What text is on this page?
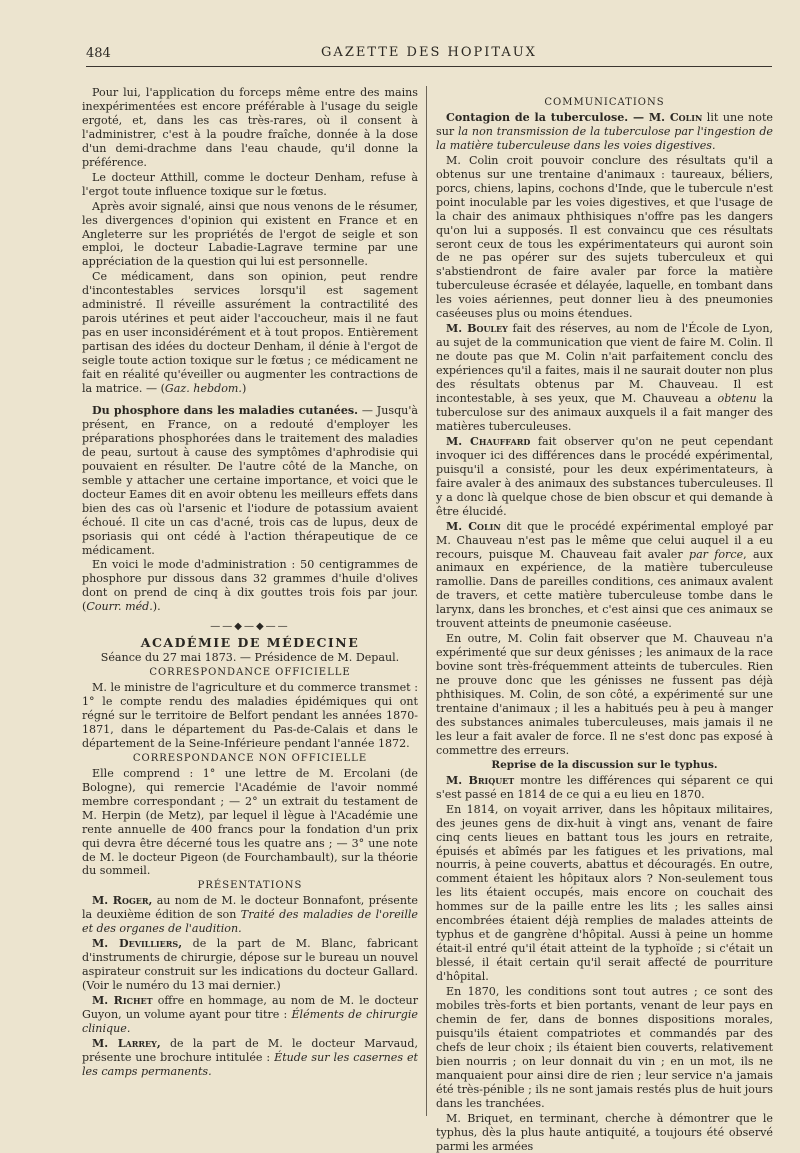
484	GAZETTE DES HOPITAUX

Pour lui, l'application du forceps même entre des mains inexpérimentées est encore préférable à l'usage du seigle ergoté, et, dans les cas très-rares, où il consent à l'administrer, c'est à la poudre fraîche, donnée à la dose d'un demi-drachme dans l'eau chaude, qu'il donne la préférence.

Le docteur Atthill, comme le docteur Denham, refuse à l'ergot toute influence toxique sur le fœtus.

Après avoir signalé, ainsi que nous venons de le résumer, les divergences d'opinion qui existent en France et en Angleterre sur les propriétés de l'ergot de seigle et son emploi, le docteur Labadie-Lagrave termine par une appréciation de la question qui lui est personnelle.

Ce médicament, dans son opinion, peut rendre d'incontestables services lorsqu'il est sagement administré. Il réveille assurément la contractilité des parois utérines et peut aider l'accoucheur, mais il ne faut pas en user inconsidérément et à tout propos. Entièrement partisan des idées du docteur Denham, il dénie à l'ergot de seigle toute action toxique sur le fœtus ; ce médicament ne fait en réalité qu'éveiller ou augmenter les contractions de la matrice. — (Gaz. hebdom.)

Du phosphore dans les maladies cutanées. — Jusqu'à présent, en France, on a redouté d'employer les préparations phosphorées dans le traitement des maladies de peau, surtout à cause des symptômes d'aphrodisie qui pouvaient en résulter. De l'autre côté de la Manche, on semble y attacher une certaine importance, et voici que le docteur Eames dit en avoir obtenu les meilleurs effets dans bien des cas où l'arsenic et l'iodure de potassium avaient échoué. Il cite un cas d'acné, trois cas de lupus, deux de psoriasis qui ont cédé à l'action thérapeutique de ce médicament.

En voici le mode d'administration : 50 centigrammes de phosphore pur dissous dans 32 grammes d'huile d'olives dont on prend de cinq à dix gouttes trois fois par jour. (Courr. méd.).

——◆—◆——

ACADÉMIE DE MÉDECINE

Séance du 27 mai 1873. — Présidence de M. Depaul.

CORRESPONDANCE OFFICIELLE

M. le ministre de l'agriculture et du commerce transmet : 1° le compte rendu des maladies épidémiques qui ont régné sur le territoire de Belfort pendant les années 1870-1871, dans le département du Pas-de-Calais et dans le département de la Seine-Inférieure pendant l'année 1872.

CORRESPONDANCE NON OFFICIELLE

Elle comprend : 1° une lettre de M. Ercolani (de Bologne), qui remercie l'Académie de l'avoir nommé membre correspondant ; — 2° un extrait du testament de M. Herpin (de Metz), par lequel il lègue à l'Académie une rente annuelle de 400 francs pour la fondation d'un prix qui devra être décerné tous les quatre ans ; — 3° une note de M. le docteur Pigeon (de Fourchambault), sur la théorie du sommeil.

PRÉSENTATIONS

M. Roger, au nom de M. le docteur Bonnafont, présente la deuxième édition de son Traité des maladies de l'oreille et des organes de l'audition.

M. Devilliers, de la part de M. Blanc, fabricant d'instruments de chirurgie, dépose sur le bureau un nouvel aspirateur construit sur les indications du docteur Gallard. (Voir le numéro du 13 mai dernier.)

M. Richet offre en hommage, au nom de M. le docteur Guyon, un volume ayant pour titre : Éléments de chirurgie clinique.

M. Larrey, de la part de M. le docteur Marvaud, présente une brochure intitulée : Étude sur les casernes et les camps permanents.

COMMUNICATIONS

Contagion de la tuberculose. — M. Colin lit une note sur la non transmission de la tuberculose par l'ingestion de la matière tuberculeuse dans les voies digestives.

M. Colin croit pouvoir conclure des résultats qu'il a obtenus sur une trentaine d'animaux : taureaux, béliers, porcs, chiens, lapins, cochons d'Inde, que le tubercule n'est point inoculable par les voies digestives, et que l'usage de la chair des animaux phthisiques n'offre pas les dangers qu'on lui a supposés. Il est convaincu que ces résultats seront ceux de tous les expérimentateurs qui auront soin de ne pas opérer sur des sujets tuberculeux et qui s'abstiendront de faire avaler par force la matière tuberculeuse écrasée et délayée, laquelle, en tombant dans les voies aériennes, peut donner lieu à des pneumonies caséeuses plus ou moins étendues.

M. Bouley fait des réserves, au nom de l'École de Lyon, au sujet de la communication que vient de faire M. Colin. Il ne doute pas que M. Colin n'ait parfaitement conclu des expériences qu'il a faites, mais il ne saurait douter non plus des résultats obtenus par M. Chauveau. Il est incontestable, à ses yeux, que M. Chauveau a obtenu la tuberculose sur des animaux auxquels il a fait manger des matières tuberculeuses.

M. Chauffard fait observer qu'on ne peut cependant invoquer ici des différences dans le procédé expérimental, puisqu'il a consisté, pour les deux expérimentateurs, à faire avaler à des animaux des substances tuberculeuses. Il y a donc là quelque chose de bien obscur et qui demande à être élucidé.

M. Colin dit que le procédé expérimental employé par M. Chauveau n'est pas le même que celui auquel il a eu recours, puisque M. Chauveau fait avaler par force, aux animaux en expérience, de la matière tuberculeuse ramollie. Dans de pareilles conditions, ces animaux avalent de travers, et cette matière tuberculeuse tombe dans le larynx, dans les bronches, et c'est ainsi que ces animaux se trouvent atteints de pneumonie caséeuse.

En outre, M. Colin fait observer que M. Chauveau n'a expérimenté que sur deux génisses ; les animaux de la race bovine sont très-fréquemment atteints de tubercules. Rien ne prouve donc que les génisses ne fussent pas déjà phthisiques. M. Colin, de son côté, a expérimenté sur une trentaine d'animaux ; il les a habitués peu à peu à manger des substances animales tuberculeuses, mais jamais il ne les leur a fait avaler de force. Il ne s'est donc pas exposé à commettre des erreurs.

Reprise de la discussion sur le typhus.

M. Briquet montre les différences qui séparent ce qui s'est passé en 1814 de ce qui a eu lieu en 1870.

En 1814, on voyait arriver, dans les hôpitaux militaires, des jeunes gens de dix-huit à vingt ans, venant de faire cinq cents lieues en battant tous les jours en retraite, épuisés et abîmés par les fatigues et les privations, mal nourris, à peine couverts, abattus et découragés. En outre, comment étaient les hôpitaux alors ? Non-seulement tous les lits étaient occupés, mais encore on couchait des hommes sur de la paille entre les lits ; les salles ainsi encombrées étaient déjà remplies de malades atteints de typhus et de gangrène d'hôpital. Aussi à peine un homme était-il entré qu'il était atteint de la typhoïde ; si c'était un blessé, il était certain qu'il serait affecté de pourriture d'hôpital.

En 1870, les conditions sont tout autres ; ce sont des mobiles très-forts et bien portants, venant de leur pays en chemin de fer, dans de bonnes dispositions morales, puisqu'ils étaient compatriotes et commandés par des chefs de leur choix ; ils étaient bien couverts, relativement bien nourris ; on leur donnait du vin ; en un mot, ils ne manquaient pour ainsi dire de rien ; leur service n'a jamais été très-pénible ; ils ne sont jamais restés plus de huit jours dans les tranchées.

M. Briquet, en terminant, cherche à démontrer que le typhus, dès la plus haute antiquité, a toujours été observé parmi les armées
